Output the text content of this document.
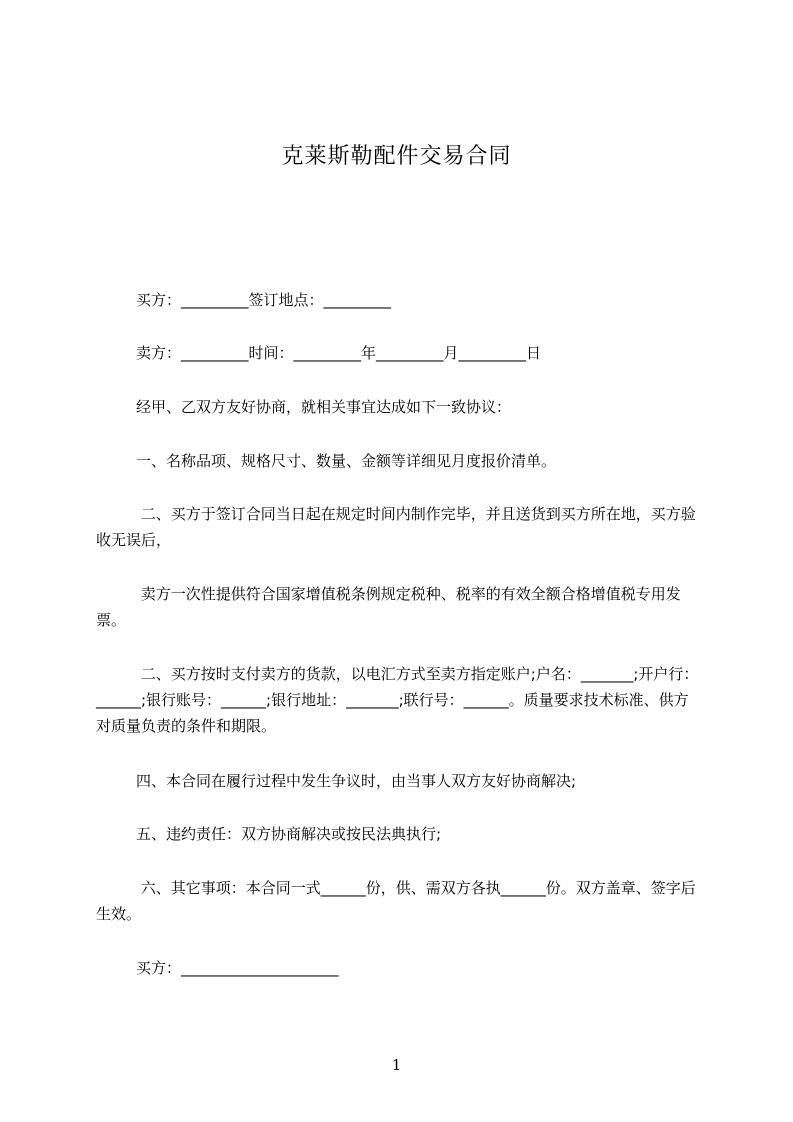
克莱斯勒配件交易合同
买方：_________签订地点：_________
卖方：_________时间：_________年_________月_________日
经甲、乙双方友好协商，就相关事宜达成如下一致协议：
一、名称品项、规格尺寸、数量、金额等详细见月度报价清单。
二、买方于签订合同当日起在规定时间内制作完毕，并且送货到买方所在地，买方验收无误后，
卖方一次性提供符合国家增值税条例规定税种、税率的有效全额合格增值税专用发票。
二、买方按时支付卖方的货款，以电汇方式至卖方指定账户;户名：_______;开户行：______;银行账号：______;银行地址：_______;联行号：______。质量要求技术标准、供方对质量负责的条件和期限。
四、本合同在履行过程中发生争议时，由当事人双方友好协商解决;
五、违约责任：双方协商解决或按民法典执行;
六、其它事项：本合同一式______份，供、需双方各执______份。双方盖章、签字后生效。
买方：_____________________
1
